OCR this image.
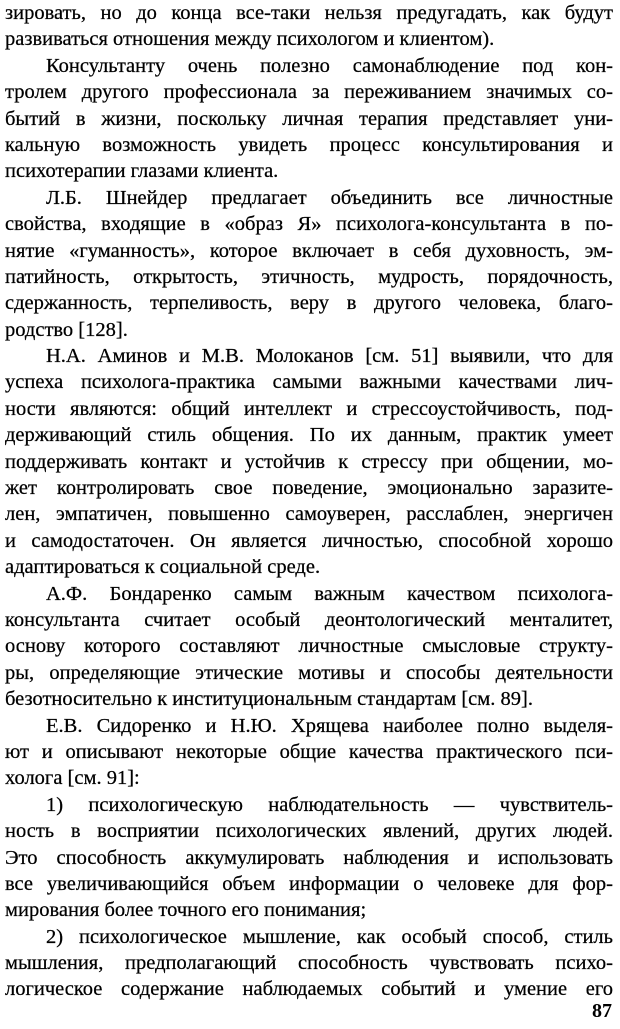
зировать, но до конца все-таки нельзя предугадать, как будут
развиваться отношения между психологом и клиентом).
Консультанту очень полезно самонаблюдение под кон-
тролем другого профессионала за переживанием значимых со-
бытий в жизни, поскольку личная терапия представляет уни-
кальную возможность увидеть процесс консультирования и
психотерапии глазами клиента.
Л.Б. Шнейдер предлагает объединить все личностные
свойства, входящие в «образ Я» психолога-консультанта в по-
нятие «гуманность», которое включает в себя духовность, эм-
патийность, открытость, этичность, мудрость, порядочность,
сдержанность, терпеливость, веру в другого человека, благо-
родство [128].
Н.А. Аминов и М.В. Молоканов [см. 51] выявили, что для
успеха психолога-практика самыми важными качествами лич-
ности являются: общий интеллект и стрессоустойчивость, под-
держивающий стиль общения. По их данным, практик умеет
поддерживать контакт и устойчив к стрессу при общении, мо-
жет контролировать свое поведение, эмоционально заразите-
лен, эмпатичен, повышенно самоуверен, расслаблен, энергичен
и самодостаточен. Он является личностью, способной хорошо
адаптироваться к социальной среде.
А.Ф. Бондаренко самым важным качеством психолога-
консультанта считает особый деонтологический менталитет,
основу которого составляют личностные смысловые структу-
ры, определяющие этические мотивы и способы деятельности
безотносительно к институциональным стандартам [см. 89].
Е.В. Сидоренко и Н.Ю. Хрящева наиболее полно выделя-
ют и описывают некоторые общие качества практического пси-
холога [см. 91]:
1) психологическую наблюдательность — чувствитель-
ность в восприятии психологических явлений, других людей.
Это способность аккумулировать наблюдения и использовать
все увеличивающийся объем информации о человеке для фор-
мирования более точного его понимания;
2) психологическое мышление, как особый способ, стиль
мышления, предполагающий способность чувствовать психо-
логическое содержание наблюдаемых событий и умение его
87
